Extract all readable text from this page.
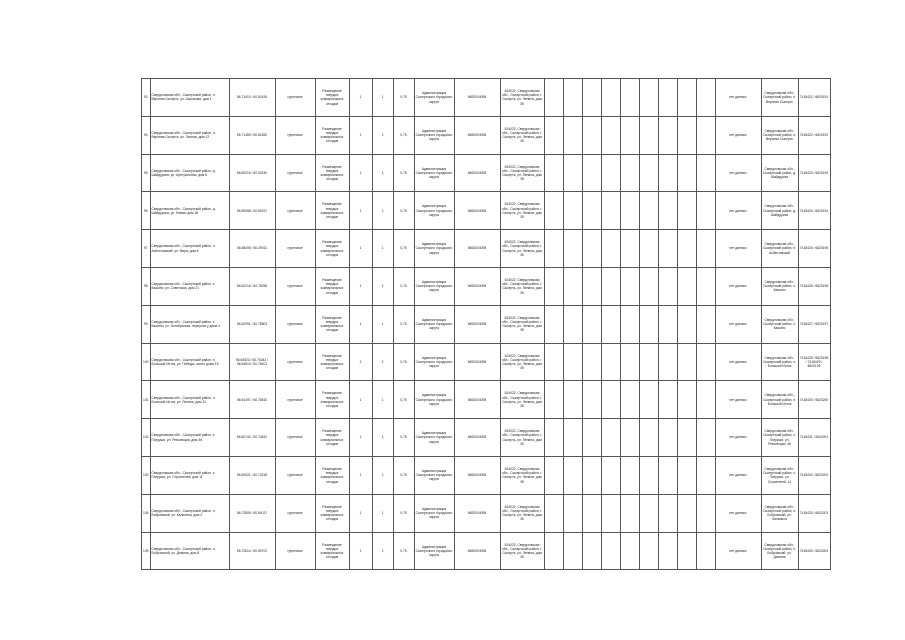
93	Свердловская обл., Сысертский район, п. Верхняя Сысерть, ул. Школьная, дом 1	56.71610 / 60.62434	грунтовое	Размещение твердых коммунальных отходов	1	1	0,75	Администрация Сысертского городского округа	6652004098	624022, Свердловская обл., Сысертский район, г. Сысерть, ул. Ленина, дом 35										нет данных	Свердловская обл., Сысертский район, п. Верхняя Сысерть	7418421 / 6620191
94	Свердловская обл., Сысертский район, п. Верхняя Сысерть, ул. Лесная, дом 12	56.71489 / 60.61852	грунтовое	Размещение твердых коммунальных отходов	1	1	0,75	Администрация Сысертского городского округа	6652004098	624022, Свердловская обл., Сысертский район, г. Сысерть, ул. Ленина, дом 35										нет данных	Свердловская обл., Сысертский район, п. Верхняя Сысерть	7418422 / 6620192
95	Свердловская обл., Сысертский район, д. Шайдуриха, ул. Центральная, дом 8	56.69215 / 60.53240	грунтовое	Размещение твердых коммунальных отходов	1	1	0,75	Администрация Сысертского городского округа	6652004098	624022, Свердловская обл., Сысертский район, г. Сысерть, ул. Ленина, дом 35										нет данных	Свердловская обл., Сысертский район, д. Шайдуриха	7418423 / 6620193
96	Свердловская обл., Сысертский район, д. Шайдуриха, ул. Новая, дом 16	56.69088 / 60.52917	грунтовое	Размещение твердых коммунальных отходов	1	1	0,75	Администрация Сысертского городского округа	6652004098	624022, Свердловская обл., Сысертский район, г. Сысерть, ул. Ленина, дом 35										нет данных	Свердловская обл., Сысертский район, д. Шайдуриха	7418424 / 6620194
97	Свердловская обл., Сысертский район, п. Асбестовский, ул. Мира, дом 6	56.68405 / 60.49011	грунтовое	Размещение твердых коммунальных отходов	1	1	0,75	Администрация Сысертского городского округа	6652004098	624022, Свердловская обл., Сысертский район, г. Сысерть, ул. Ленина, дом 35										нет данных	Свердловская обл., Сысертский район, п. Асбестовский	7418425 / 6620195
98	Свердловская обл., Сысертский район, с. Кашино, ул. Советская, дом 21	56.62218 / 60.76055	грунтовое	Размещение твердых коммунальных отходов	1	1	0,75	Администрация Сысертского городского округа	6652004098	624022, Свердловская обл., Сысертский район, г. Сысерть, ул. Ленина, дом 35										нет данных	Свердловская обл., Сысертский район, с. Кашино	7418426 / 6620196
99	Свердловская обл., Сысертский район, с. Кашино, ул. Октябрьская, переулок у дома 4	56.62091 / 60.75803	грунтовое	Размещение твердых коммунальных отходов	1	1	0,75	Администрация Сысертского городского округа	6652004098	624022, Свердловская обл., Сысертский район, г. Сысерть, ул. Ленина, дом 35										нет данных	Свердловская обл., Сысертский район, с. Кашино	7418427 / 6620197
100	Свердловская обл., Сысертский район, п. Большой Исток, ул. Победы, около дома 15	56.64523 / 60.76342 / 56.64610 / 60.76401	грунтовое	Размещение твердых коммунальных отходов	2	2	0,75	Администрация Сысертского городского округа	6652004098	624022, Свердловская обл., Сысертский район, г. Сысерть, ул. Ленина, дом 35										нет данных	Свердловская обл., Сысертский район, п. Большой Исток	7418428 / 6620198 / 7418429 / 6620199
101	Свердловская обл., Сысертский район, п. Большой Исток, ул. Ленина, дом 31	56.64197 / 60.76810	грунтовое	Размещение твердых коммунальных отходов	1	1	0,75	Администрация Сысертского городского округа	6652004098	624022, Свердловская обл., Сысертский район, г. Сысерть, ул. Ленина, дом 35										нет данных	Свердловская обл., Сысертский район, п. Большой Исток	7418430 / 6620200
102	Свердловская обл., Сысертский район, с. Патруши, ул. Революции, дом 45	56.60742 / 60.74631	грунтовое	Размещение твердых коммунальных отходов	1	1	0,75	Администрация Сысертского городского округа	6652004098	624022, Свердловская обл., Сысертский район, г. Сысерть, ул. Ленина, дом 35										нет данных	Свердловская обл., Сысертский район, с. Патруши, ул. Революции, 45	7418431 / 6620201
103	Свердловская обл., Сысертский район, с. Патруши, ул. Строителей, дом 11	56.60521 / 60.74218	грунтовое	Размещение твердых коммунальных отходов	1	1	0,75	Администрация Сысертского городского округа	6652004098	624022, Свердловская обл., Сысертский район, г. Сысерть, ул. Ленина, дом 35										нет данных	Свердловская обл., Сысертский район, с. Патруши, ул. Строителей, 11	7418432 / 6620202
104	Свердловская обл., Сысертский район, п. Бобровский, ул. Калинина, дом 2	56.72805 / 60.84017	грунтовое	Размещение твердых коммунальных отходов	1	1	0,75	Администрация Сысертского городского округа	6652004098	624022, Свердловская обл., Сысертский район, г. Сысерть, ул. Ленина, дом 35										нет данных	Свердловская обл., Сысертский район, п. Бобровский, ул. Калинина	7418433 / 6620203
105	Свердловская обл., Сысертский район, п. Бобровский, ул. Демина, дом 8	56.72614 / 60.83702	грунтовое	Размещение твердых коммунальных отходов	1	1	0,75	Администрация Сысертского городского округа	6652004098	624022, Свердловская обл., Сысертский район, г. Сысерть, ул. Ленина, дом 35										нет данных	Свердловская обл., Сысертский район, п. Бобровский, ул. Демина	7418434 / 6620204
